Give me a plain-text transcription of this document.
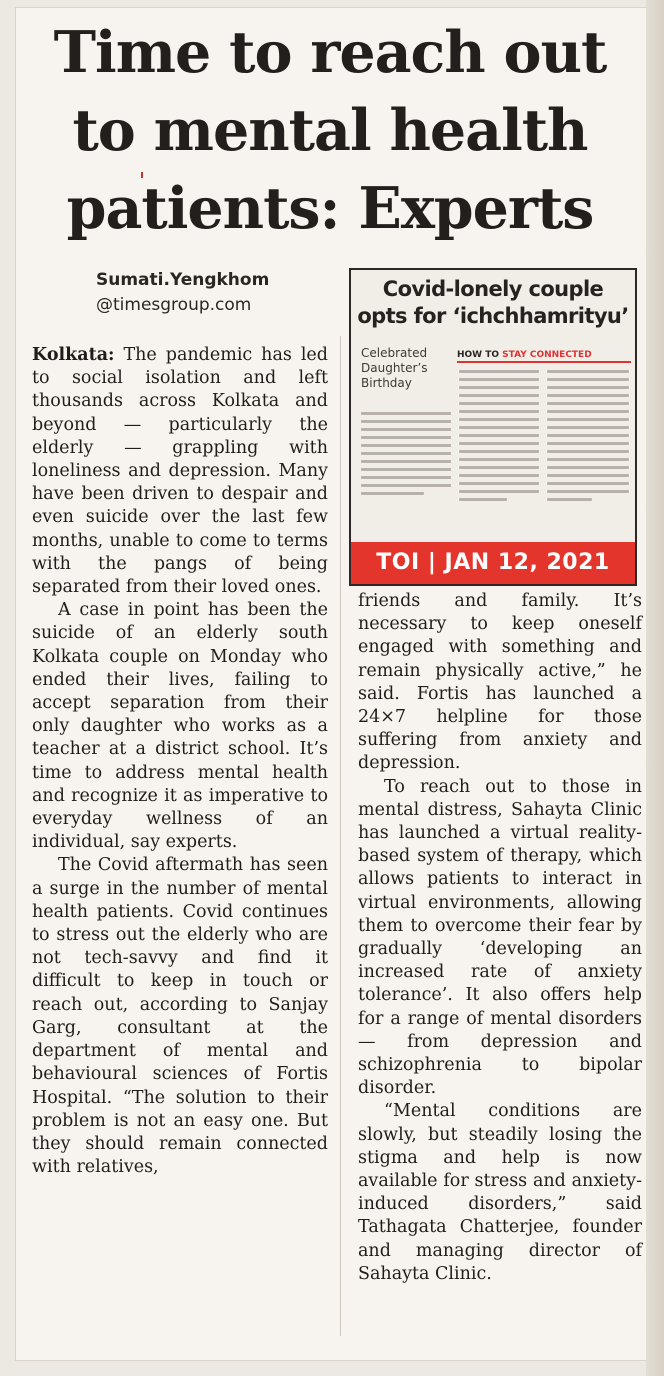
Time to reach out
to mental health
patients: Experts
Sumati.Yengkhom
@timesgroup.com
Covid-lonely couple
opts for ‘ichchhamrityu’
Celebrated Daughter’s Birthday
HOW TO STAY CONNECTED
TOI | JAN 12, 2021

Kolkata: The pandemic has led to social isolation and left thousands across Kolkata and beyond — particularly the elderly — grappling with loneliness and depression. Many have been driven to despair and even suicide over the last few months, unable to come to terms with the pangs of being separated from their loved ones.

A case in point has been the suicide of an elderly south Kolkata couple on Monday who ended their lives, failing to accept separation from their only daughter who works as a teacher at a district school. It’s time to address mental health and recognize it as imperative to everyday wellness of an individual, say experts.

The Covid aftermath has seen a surge in the number of mental health patients. Covid continues to stress out the elderly who are not tech-savvy and find it difficult to keep in touch or reach out, according to Sanjay Garg, consultant at the department of mental and behavioural sciences of Fortis Hospital. “The solution to their problem is not an easy one. But they should remain connected with relatives,

friends and family. It’s necessary to keep oneself engaged with something and remain physically active,” he said. Fortis has launched a 24×7 helpline for those suffering from anxiety and depression.

To reach out to those in mental distress, Sahayta Clinic has launched a virtual reality-based system of therapy, which allows patients to interact in virtual environments, allowing them to overcome their fear by gradually ‘developing an increased rate of anxiety tolerance’. It also offers help for a range of mental disorders — from depression and schizophrenia to bipolar disorder.

“Mental conditions are slowly, but steadily losing the stigma and help is now available for stress and anxiety-induced disorders,” said Tathagata Chatterjee, founder and managing director of Sahayta Clinic.
